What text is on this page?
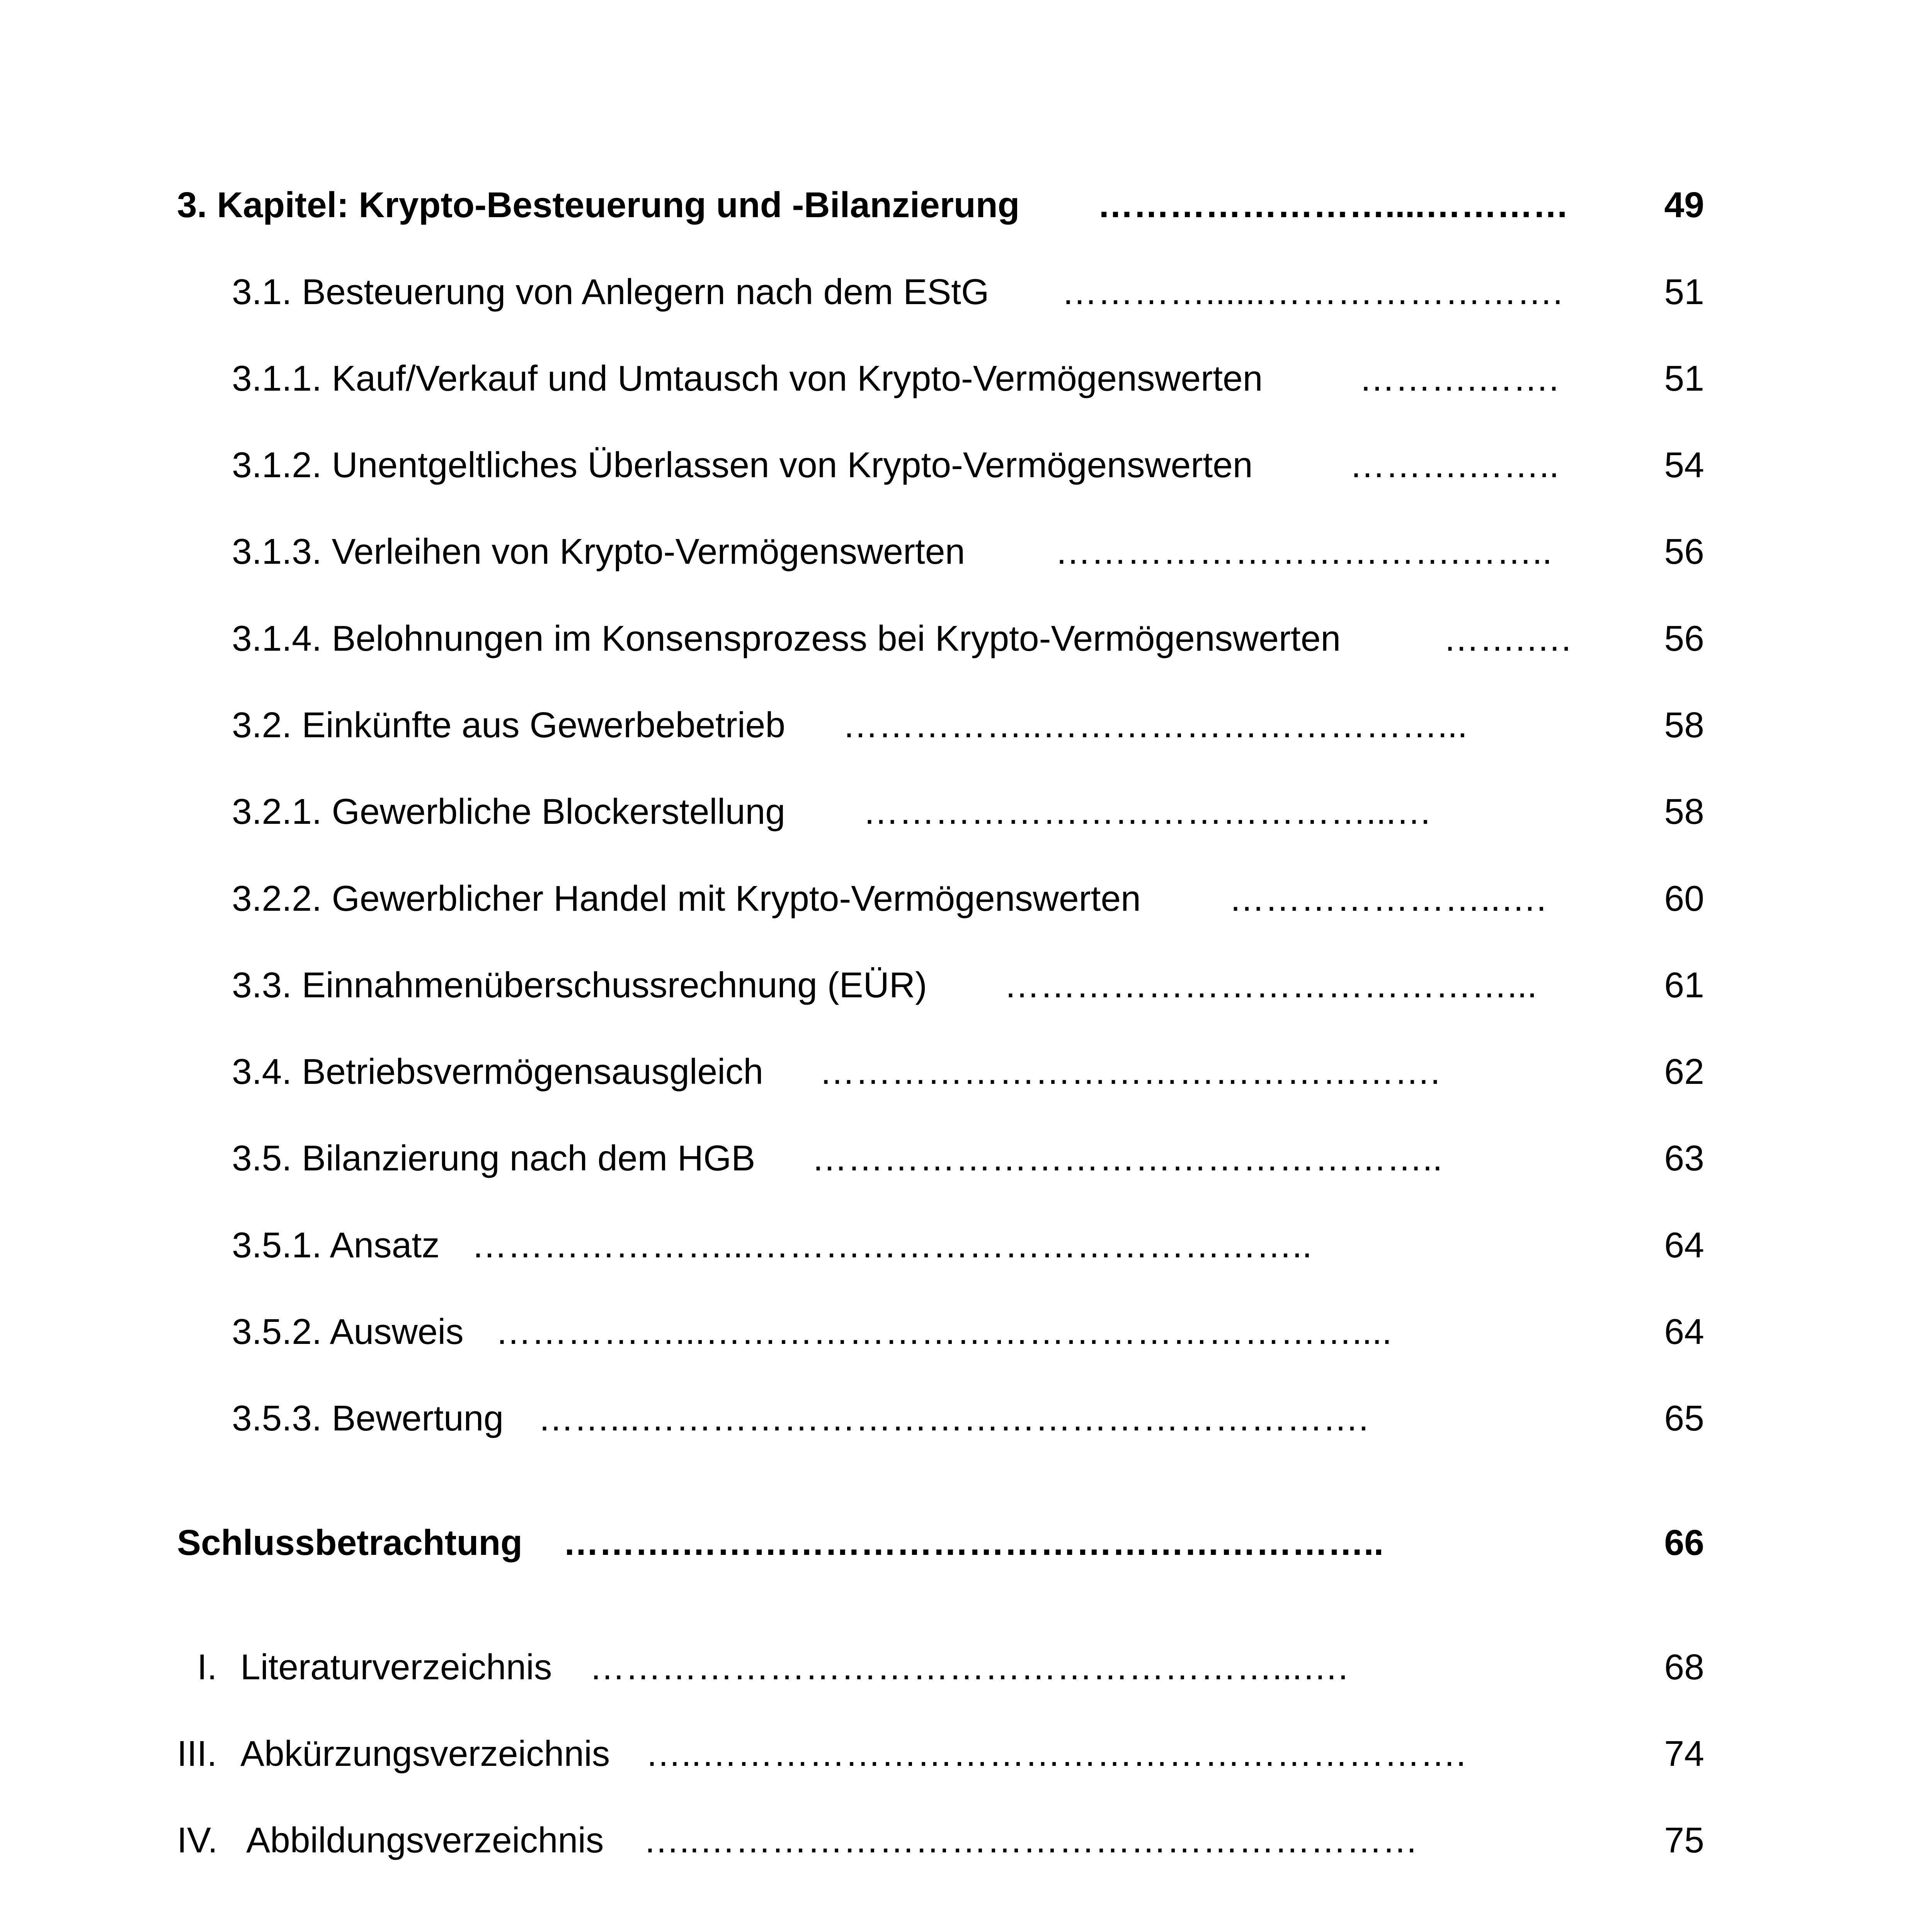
3. Kapitel: Krypto-Besteuerung und -Bilanzierung ……………………....…………	49
3.1. Besteuerung von Anlegern nach dem EStG …………......…………………….	51
3.1.1. Kauf/Verkauf und Umtausch von Krypto-Vermögenswerten	……….…….	51
3.1.2. Unentgeltliches Überlassen von Krypto-Vermögenswerten	……….……..	54
3.1.3. Verleihen von Krypto-Vermögenswerten	…………………………….……..	56
3.1.4. Belohnungen im Konsensprozess bei Krypto-Vermögenswerten	…….….	56
3.2. Einkünfte aus Gewerbebetrieb ……………..……………………………...	58
3.2.1. Gewerbliche Blockerstellung ……………………………………...…	58
3.2.2. Gewerblicher Handel mit Krypto-Vermögenswerten …………………..….	60
3.3. Einnahmenüberschussrechnung (EÜR) ……………………………………...	61
3.4. Betriebsvermögensausgleich …………………………………………….	62
3.5. Bilanzierung nach dem HGB ……………………………………………..	63
3.5.1. Ansatz …………………...………………………………………..	64
3.5.2. Ausweis ……………...………………………………………………....	64
3.5.3. Bewertung ……...…………………………………………………….	65
Schlussbetrachtung ……….…………………………………………………..	66
I. Literaturverzeichnis …………………………………………………...….	68
III. Abkürzungsverzeichnis …..……………………………………………………….	74
IV. Abbildungsverzeichnis …..……………………………………………………	75
